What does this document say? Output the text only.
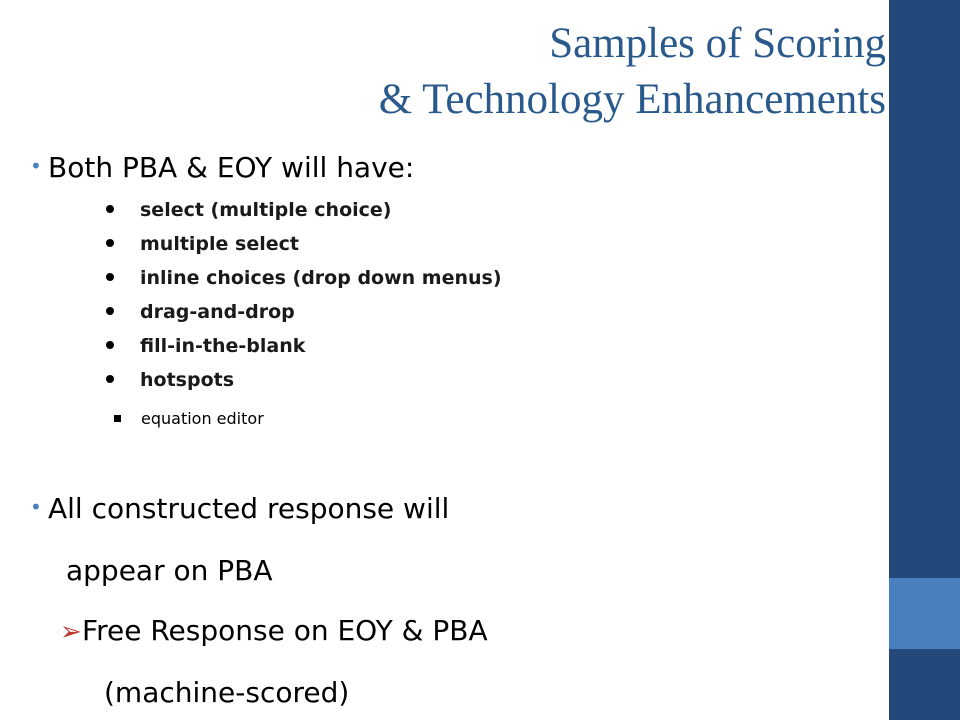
Samples of Scoring
& Technology Enhancements
• Both PBA & EOY will have:
select (multiple choice)
multiple select
inline choices (drop down menus)
drag-and-drop
fill-in-the-blank
hotspots
equation editor
• All constructed response will
appear on PBA
➢Free Response on EOY & PBA
(machine-scored)
